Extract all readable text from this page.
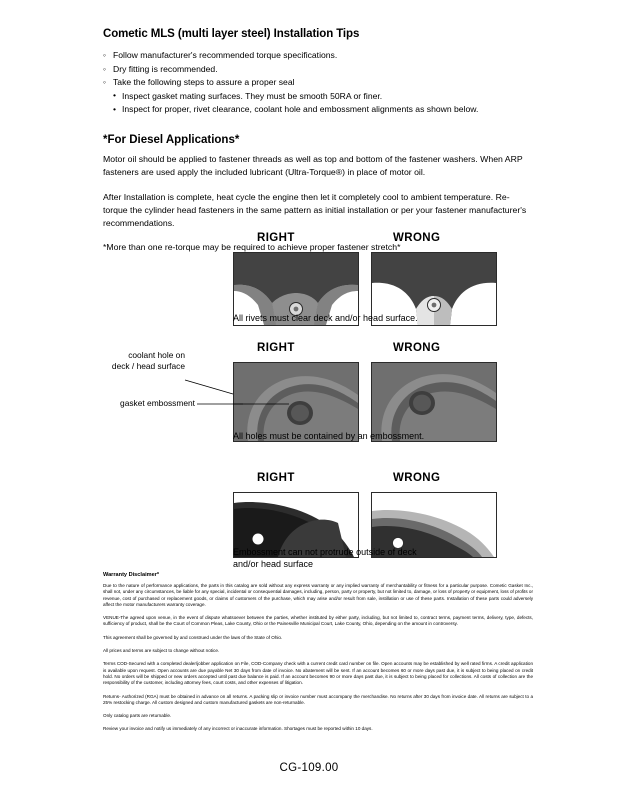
Cometic MLS (multi layer steel) Installation Tips
◦ Follow manufacturer's recommended torque specifications.
◦ Dry fitting is recommended.
◦ Take the following steps to assure a proper seal
• Inspect gasket mating surfaces. They must be smooth 50RA or finer.
• Inspect for proper, rivet clearance, coolant hole and embossment alignments as shown below.
*For Diesel Applications*

Motor oil should be applied to fastener threads as well as top and bottom of the fastener washers. When ARP fasteners are used apply the included lubricant (Ultra-Torque®) in place of motor oil.

After Installation is complete, heat cycle the engine then let it completely cool to ambient temperature. Re-torque the cylinder head fasteners in the same pattern as initial installation or per your fastener manufacturer's recommendations.

*More than one re-torque may be required to achieve proper fastener stretch*

RIGHT	WRONG
All rivets must clear deck and/or head surface.
RIGHT	WRONG
coolant hole on
deck / head surface
gasket embossment
All holes must be contained by an embossment.
RIGHT	WRONG
Embossment can not protrude outside of deck
and/or head surface
Warranty Disclaimer*

Due to the nature of performance applications, the parts in this catalog are sold without any express warranty or any implied warranty of merchantability or fitness for a particular purpose. Cometic Gasket Inc., shall not, under any circumstances, be liable for any special, incidental or consequential damages, including, person, party or property, but not limited to, damage, or loss of property or equipment, loss of profits or revenue, cost of purchased or replacement goods, or claims of customers of the purchase, which may arise and/or result from sale, instillation or use of these parts. Installation of these parts could adversely affect the motor manufacturers warranty coverage.

VENUE-The agreed upon venue, in the event of dispute whatsoever between the parties, whether instituted by either party, including, but not limited to, contract terms, payment terms, delivery, type, defects, sufficiency of product, shall be the Court of Common Pleas, Lake County, Ohio or the Painesville Municipal Court, Lake County, Ohio, depending on the amount in controversy.

This agreement shall be governed by and construed under the laws of the State of Ohio.

All prices and terms are subject to change without notice.

Terms COD-Secured with a completed dealer/jobber application on File, COD-Company check with a current credit card number on file. Open accounts may be established by well rated firms. A credit application is available upon request. Open accounts are due payable Net 30 days from date of invoice. No abatement will be sent. If an account becomes 60 or more days past due, it is subject to being placed on credit hold. No orders will be shipped or new orders accepted until past due balance is paid. If an account becomes 90 or more days past due, it is subject to being placed for collections. All costs of collection are the responsibility of the customer, including attorney fees, court costs, and other expenses of litigation.

Returns- Authorized (RGA) must be obtained in advance on all returns. A packing slip or invoice number must accompany the merchandise. No returns after 30 days from invoice date. All returns are subject to a 25% restocking charge. All custom designed and custom manufactured gaskets are non-returnable.

Only catalog parts are returnable.

Review your invoice and notify us immediately of any incorrect or inaccurate information. Shortages must be reported within 10 days.

CG-109.00
